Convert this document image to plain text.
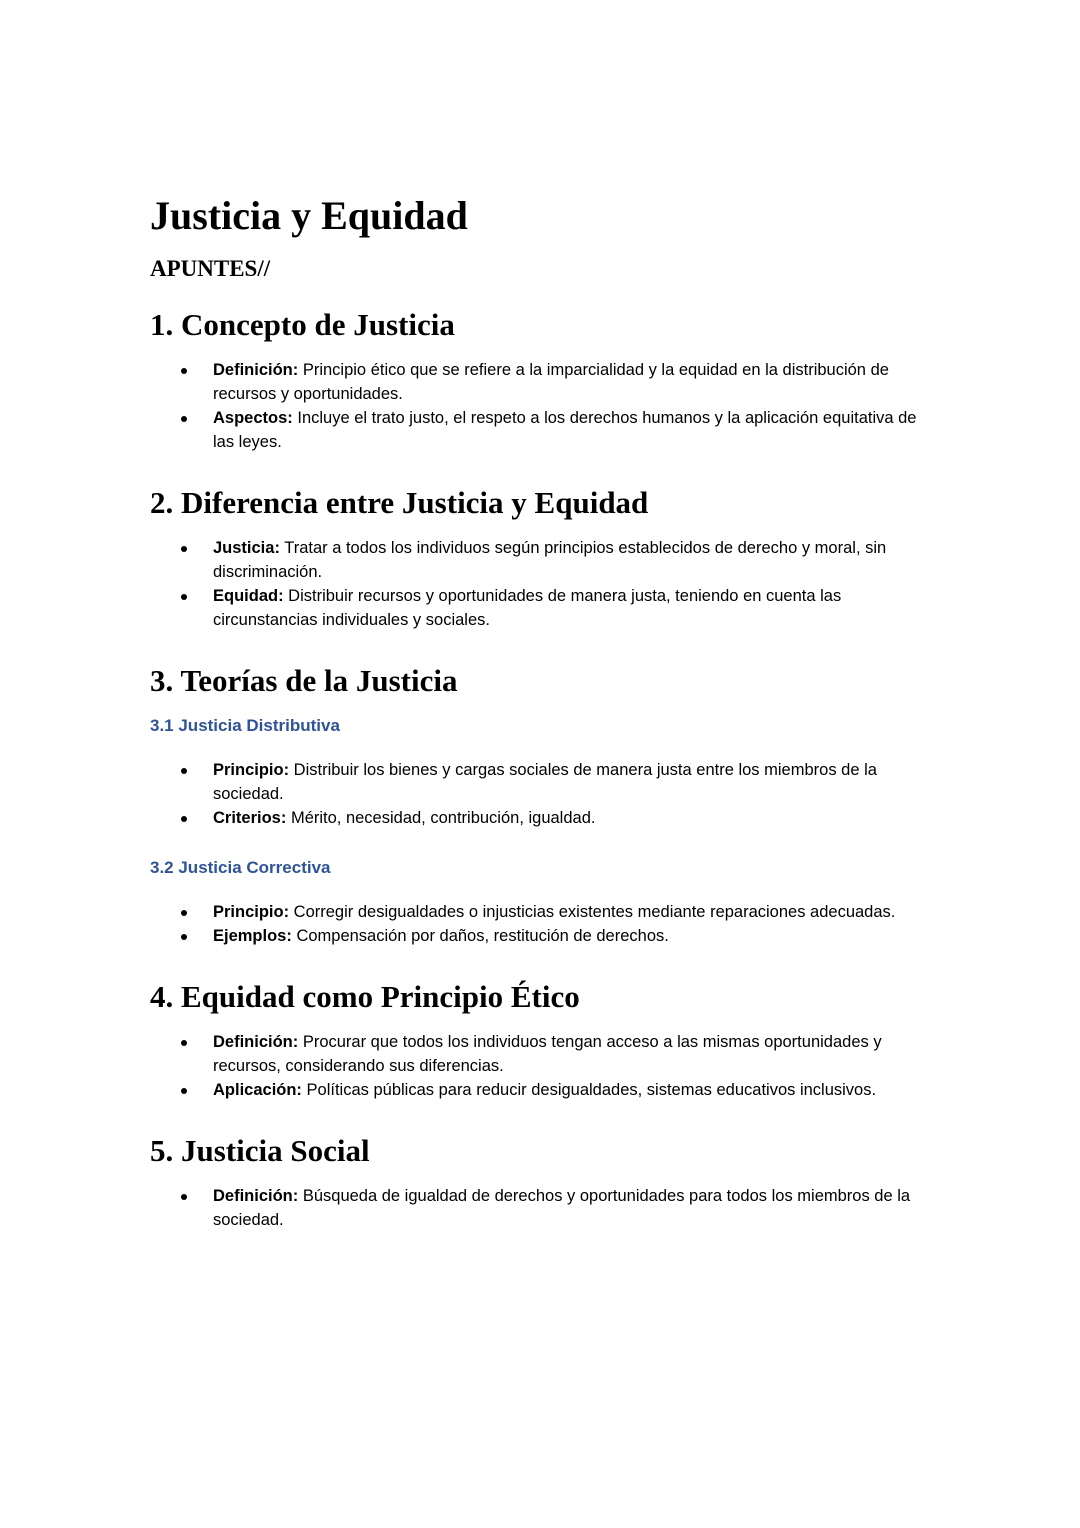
Justicia y Equidad
APUNTES//
1. Concepto de Justicia
Definición: Principio ético que se refiere a la imparcialidad y la equidad en la distribución de recursos y oportunidades.
Aspectos: Incluye el trato justo, el respeto a los derechos humanos y la aplicación equitativa de las leyes.
2. Diferencia entre Justicia y Equidad
Justicia: Tratar a todos los individuos según principios establecidos de derecho y moral, sin discriminación.
Equidad: Distribuir recursos y oportunidades de manera justa, teniendo en cuenta las circunstancias individuales y sociales.
3. Teorías de la Justicia
3.1 Justicia Distributiva
Principio: Distribuir los bienes y cargas sociales de manera justa entre los miembros de la sociedad.
Criterios: Mérito, necesidad, contribución, igualdad.
3.2 Justicia Correctiva
Principio: Corregir desigualdades o injusticias existentes mediante reparaciones adecuadas.
Ejemplos: Compensación por daños, restitución de derechos.
4. Equidad como Principio Ético
Definición: Procurar que todos los individuos tengan acceso a las mismas oportunidades y recursos, considerando sus diferencias.
Aplicación: Políticas públicas para reducir desigualdades, sistemas educativos inclusivos.
5. Justicia Social
Definición: Búsqueda de igualdad de derechos y oportunidades para todos los miembros de la sociedad.
